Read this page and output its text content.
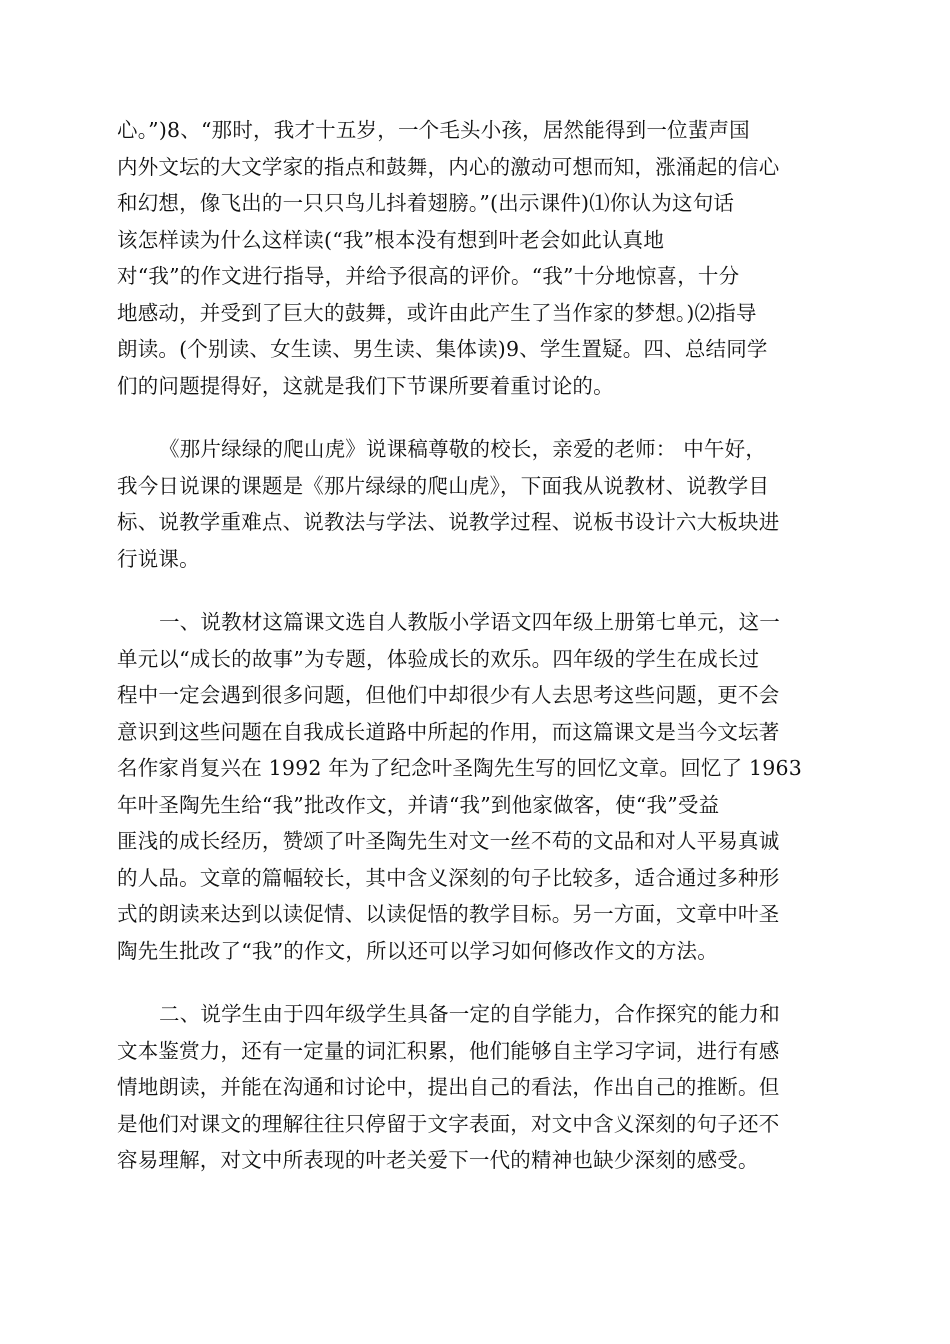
心。”)8、“那时，我才十五岁，一个毛头小孩，居然能得到一位蜚声国
内外文坛的大文学家的指点和鼓舞，内心的激动可想而知，涨涌起的信心
和幻想，像飞出的一只只鸟儿抖着翅膀。”(出示课件)⑴你认为这句话
该怎样读为什么这样读(“我”根本没有想到叶老会如此认真地
对“我”的作文进行指导，并给予很高的评价。“我”十分地惊喜，十分
地感动，并受到了巨大的鼓舞，或许由此产生了当作家的梦想。)⑵指导
朗读。(个别读、女生读、男生读、集体读)9、学生置疑。四、总结同学
们的问题提得好，这就是我们下节课所要着重讨论的。
《那片绿绿的爬山虎》说课稿尊敬的校长，亲爱的老师： 中午好，
我今日说课的课题是《那片绿绿的爬山虎》，下面我从说教材、说教学目
标、说教学重难点、说教法与学法、说教学过程、说板书设计六大板块进
行说课。
一、说教材这篇课文选自人教版小学语文四年级上册第七单元，这一
单元以“成长的故事”为专题，体验成长的欢乐。四年级的学生在成长过
程中一定会遇到很多问题，但他们中却很少有人去思考这些问题，更不会
意识到这些问题在自我成长道路中所起的作用，而这篇课文是当今文坛著
名作家肖复兴在 1992 年为了纪念叶圣陶先生写的回忆文章。回忆了 1963
年叶圣陶先生给“我”批改作文，并请“我”到他家做客，使“我”受益
匪浅的成长经历，赞颂了叶圣陶先生对文一丝不苟的文品和对人平易真诚
的人品。文章的篇幅较长，其中含义深刻的句子比较多，适合通过多种形
式的朗读来达到以读促情、以读促悟的教学目标。另一方面，文章中叶圣
陶先生批改了“我”的作文，所以还可以学习如何修改作文的方法。
二、说学生由于四年级学生具备一定的自学能力，合作探究的能力和
文本鉴赏力，还有一定量的词汇积累，他们能够自主学习字词，进行有感
情地朗读，并能在沟通和讨论中，提出自己的看法，作出自己的推断。但
是他们对课文的理解往往只停留于文字表面，对文中含义深刻的句子还不
容易理解，对文中所表现的叶老关爱下一代的精神也缺少深刻的感受。
